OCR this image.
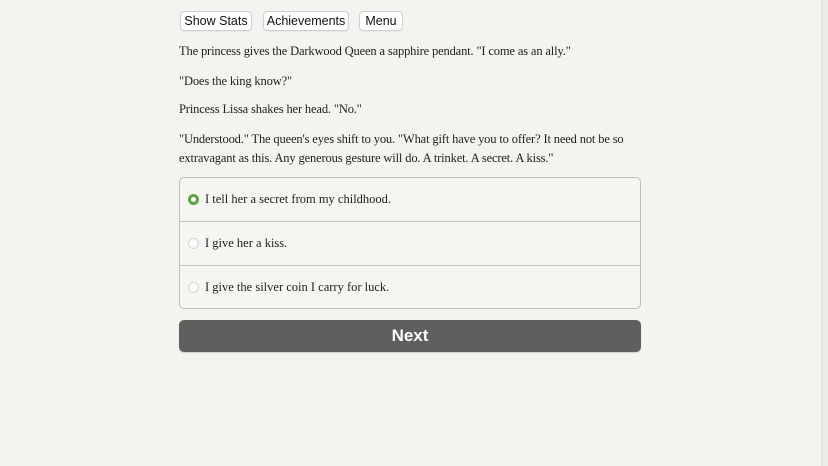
Show Stats	Achievements	Menu

The princess gives the Darkwood Queen a sapphire pendant. "I come as an ally."

"Does the king know?"

Princess Lissa shakes her head. "No."

"Understood." The queen's eyes shift to you. "What gift have you to offer? It need not be so extravagant as this. Any generous gesture will do. A trinket. A secret. A kiss."

I tell her a secret from my childhood.
I give her a kiss.
I give the silver coin I carry for luck.
Next
